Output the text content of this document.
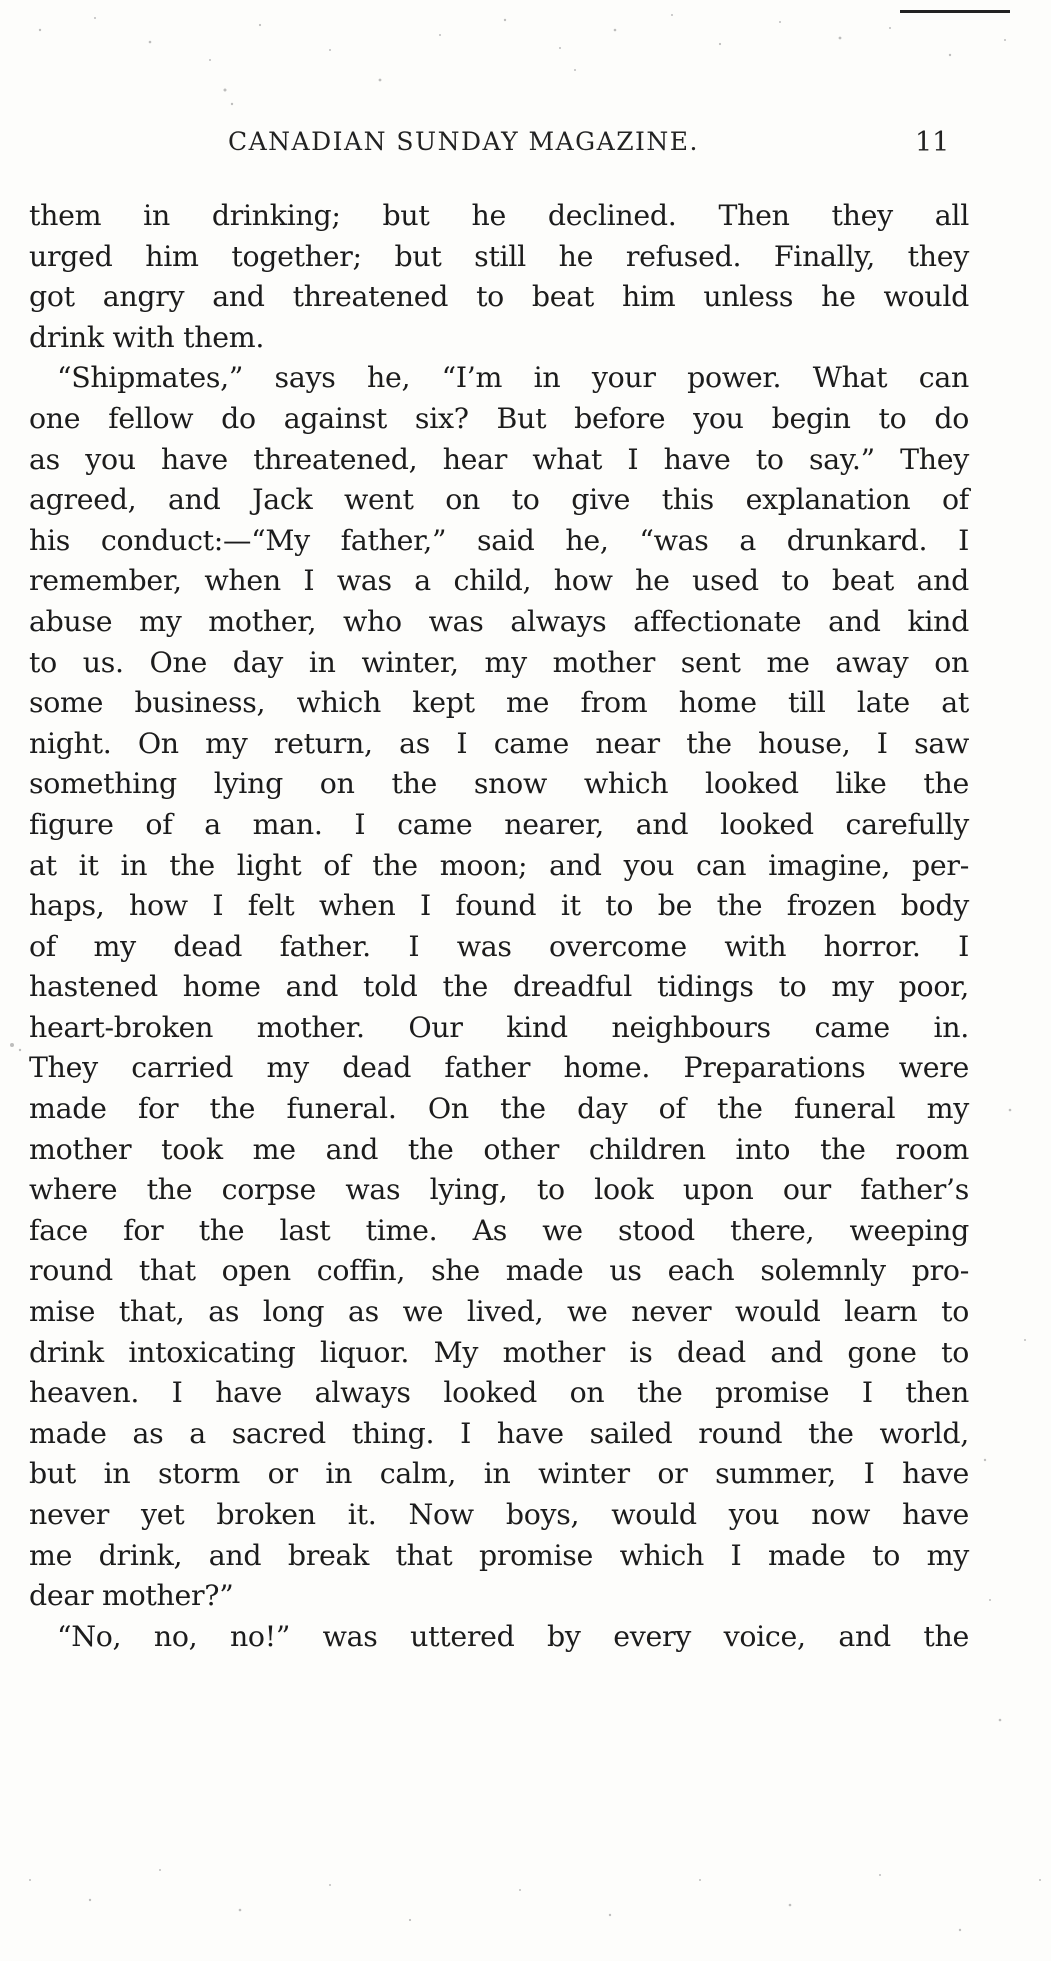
CANADIAN SUNDAY MAGAZINE.	11
them in drinking; but he declined. Then they all
urged him together; but still he refused. Finally, they
got angry and threatened to beat him unless he would
drink with them.
“Shipmates,” says he, “I’m in your power. What can
one fellow do against six? But before you begin to do
as you have threatened, hear what I have to say.” They
agreed, and Jack went on to give this explanation of
his conduct:—“My father,” said he, “was a drunkard. I
remember, when I was a child, how he used to beat and
abuse my mother, who was always affectionate and kind
to us. One day in winter, my mother sent me away on
some business, which kept me from home till late at
night. On my return, as I came near the house, I saw
something lying on the snow which looked like the
figure of a man. I came nearer, and looked carefully
at it in the light of the moon; and you can imagine, per-
haps, how I felt when I found it to be the frozen body
of my dead father. I was overcome with horror. I
hastened home and told the dreadful tidings to my poor,
heart-broken mother. Our kind neighbours came in.
They carried my dead father home. Preparations were
made for the funeral. On the day of the funeral my
mother took me and the other children into the room
where the corpse was lying, to look upon our father’s
face for the last time. As we stood there, weeping
round that open coffin, she made us each solemnly pro-
mise that, as long as we lived, we never would learn to
drink intoxicating liquor. My mother is dead and gone to
heaven. I have always looked on the promise I then
made as a sacred thing. I have sailed round the world,
but in storm or in calm, in winter or summer, I have
never yet broken it. Now boys, would you now have
me drink, and break that promise which I made to my
dear mother?”
“No, no, no!” was uttered by every voice, and the
